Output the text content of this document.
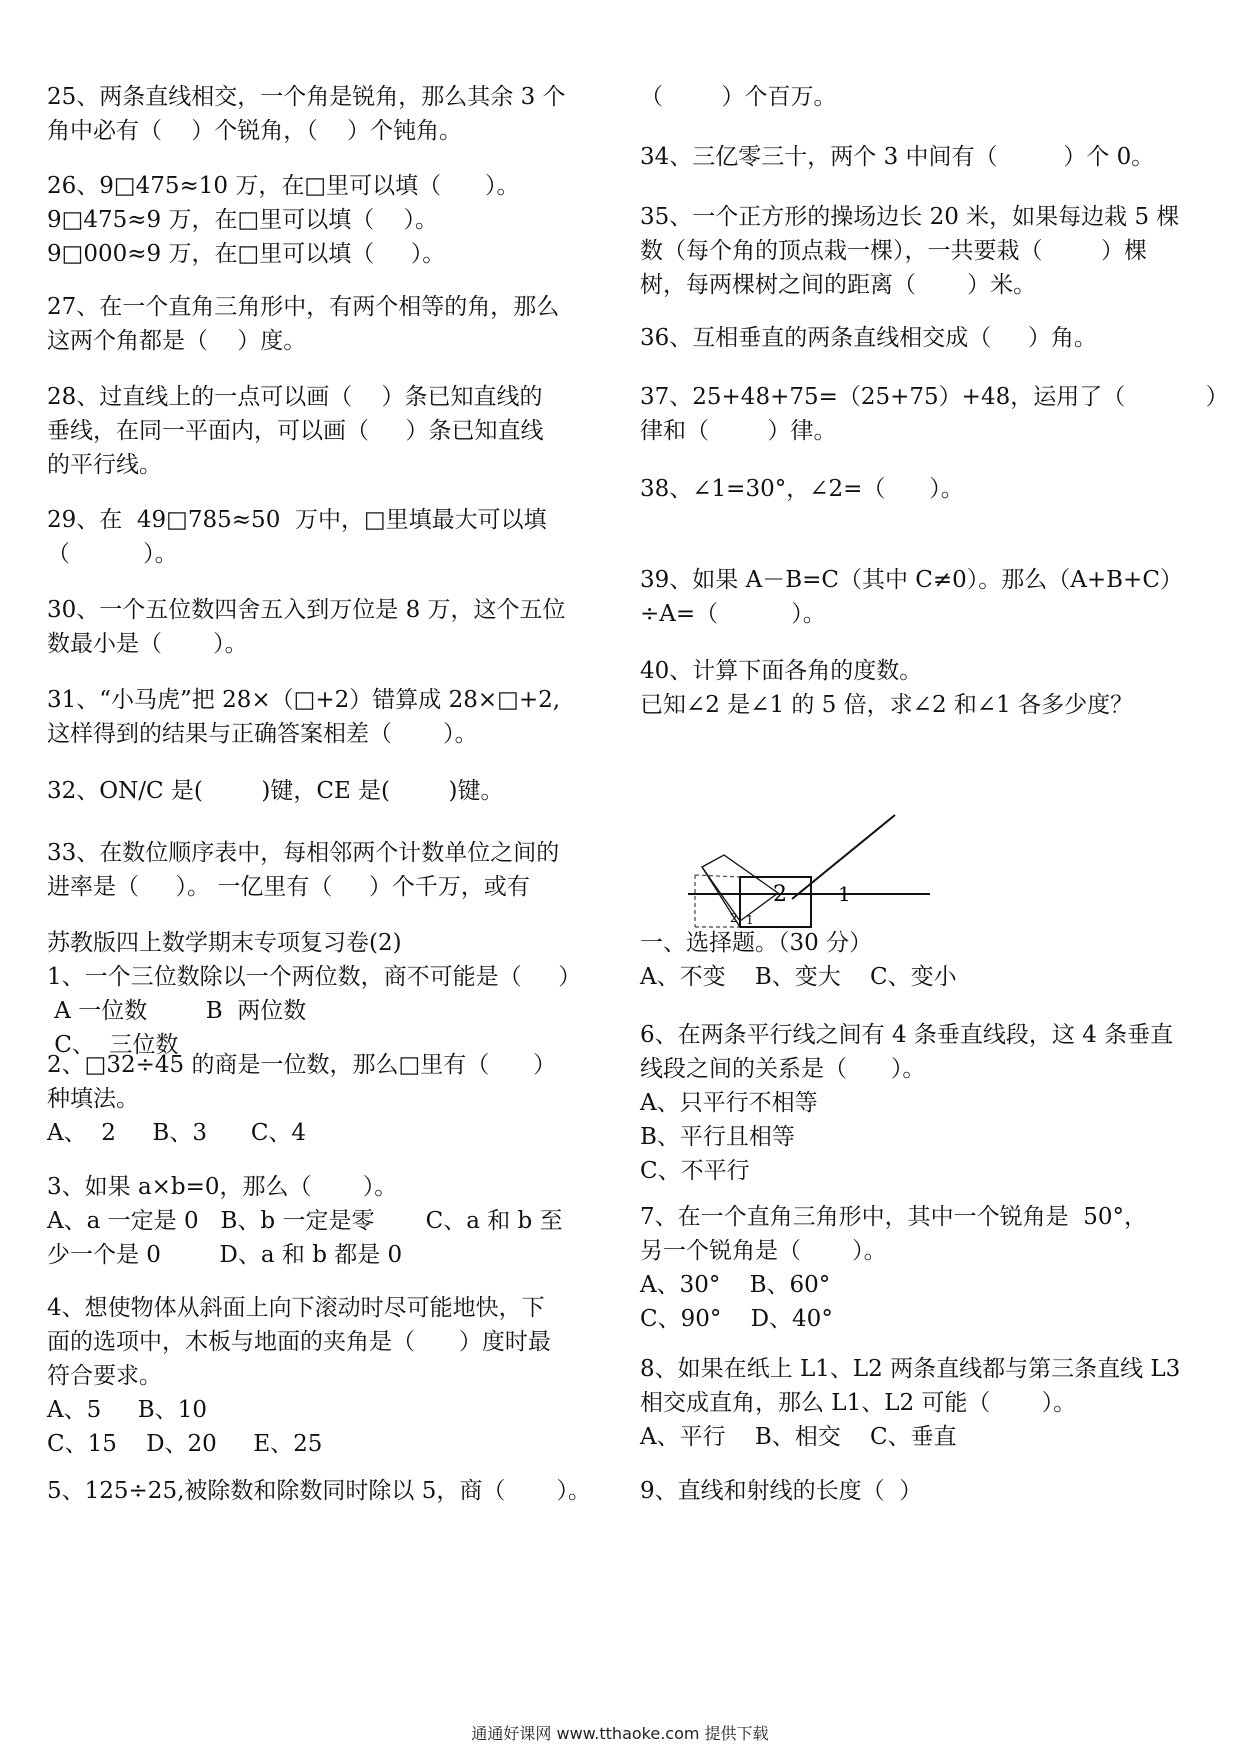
25、两条直线相交，一个角是锐角，那么其余 3 个
角中必有（    ）个锐角，（    ）个钝角。
26、9□475≈10 万，在□里可以填（      ）。
9□475≈9 万，在□里可以填（    ）。
9□000≈9 万，在□里可以填（     ）。
27、在一个直角三角形中，有两个相等的角，那么
这两个角都是（    ）度。
28、过直线上的一点可以画（    ）条已知直线的
垂线，在同一平面内，可以画（     ）条已知直线
的平行线。
29、在  49□785≈50  万中，□里填最大可以填
（          ）。
30、一个五位数四舍五入到万位是 8 万，这个五位
数最小是（       ）。
31、“小马虎”把 28×（□+2）错算成 28×□+2,
这样得到的结果与正确答案相差（       ）。
32、ON/C 是(        )键，CE 是(        )键。
33、在数位顺序表中，每相邻两个计数单位之间的
进率是（     ）。 一亿里有（     ）个千万，或有
（        ）个百万。
34、三亿零三十，两个 3 中间有（         ）个 0。
35、一个正方形的操场边长 20 米，如果每边栽 5 棵
数（每个角的顶点栽一棵），一共要栽（        ）棵
树，每两棵树之间的距离（       ）米。
36、互相垂直的两条直线相交成（     ）角。
37、25+48+75=（25+75）+48，运用了（           ）
律和（        ）律。
38、∠1=30°，∠2=（      ）。
39、如果 A－B=C（其中 C≠0）。那么（A+B+C）
÷A=（          ）。
40、计算下面各角的度数。
已知∠2 是∠1 的 5 倍，求∠2 和∠1 各多少度？
2	1
2 1
苏教版四上数学期末专项复习卷(2)
1、一个三位数除以一个两位数，商不可能是（     ）
A 一位数        B  两位数
C、  三位数
2、□32÷45 的商是一位数，那么□里有（      ）
种填法。
A、  2     B、3      C、4
3、如果 a×b=0，那么（       ）。
A、a 一定是 0   B、b 一定是零       C、a 和 b 至
少一个是 0        D、a 和 b 都是 0
4、想使物体从斜面上向下滚动时尽可能地快，下
面的选项中，木板与地面的夹角是（      ）度时最
符合要求。
A、5     B、10
C、15    D、20     E、25
5、125÷25,被除数和除数同时除以 5，商（       ）。
一、选择题。（30 分）
A、不变    B、变大    C、变小
6、在两条平行线之间有 4 条垂直线段，这 4 条垂直
线段之间的关系是（      ）。
A、只平行不相等
B、平行且相等
C、不平行
7、在一个直角三角形中，其中一个锐角是  50°，
另一个锐角是（       ）。
A、30°    B、60°
C、90°    D、40°
8、如果在纸上 L1、L2 两条直线都与第三条直线 L3
相交成直角，那么 L1、L2 可能（       ）。
A、平行    B、相交    C、垂直
9、直线和射线的长度（  ）
通通好课网 www.tthaoke.com 提供下载
